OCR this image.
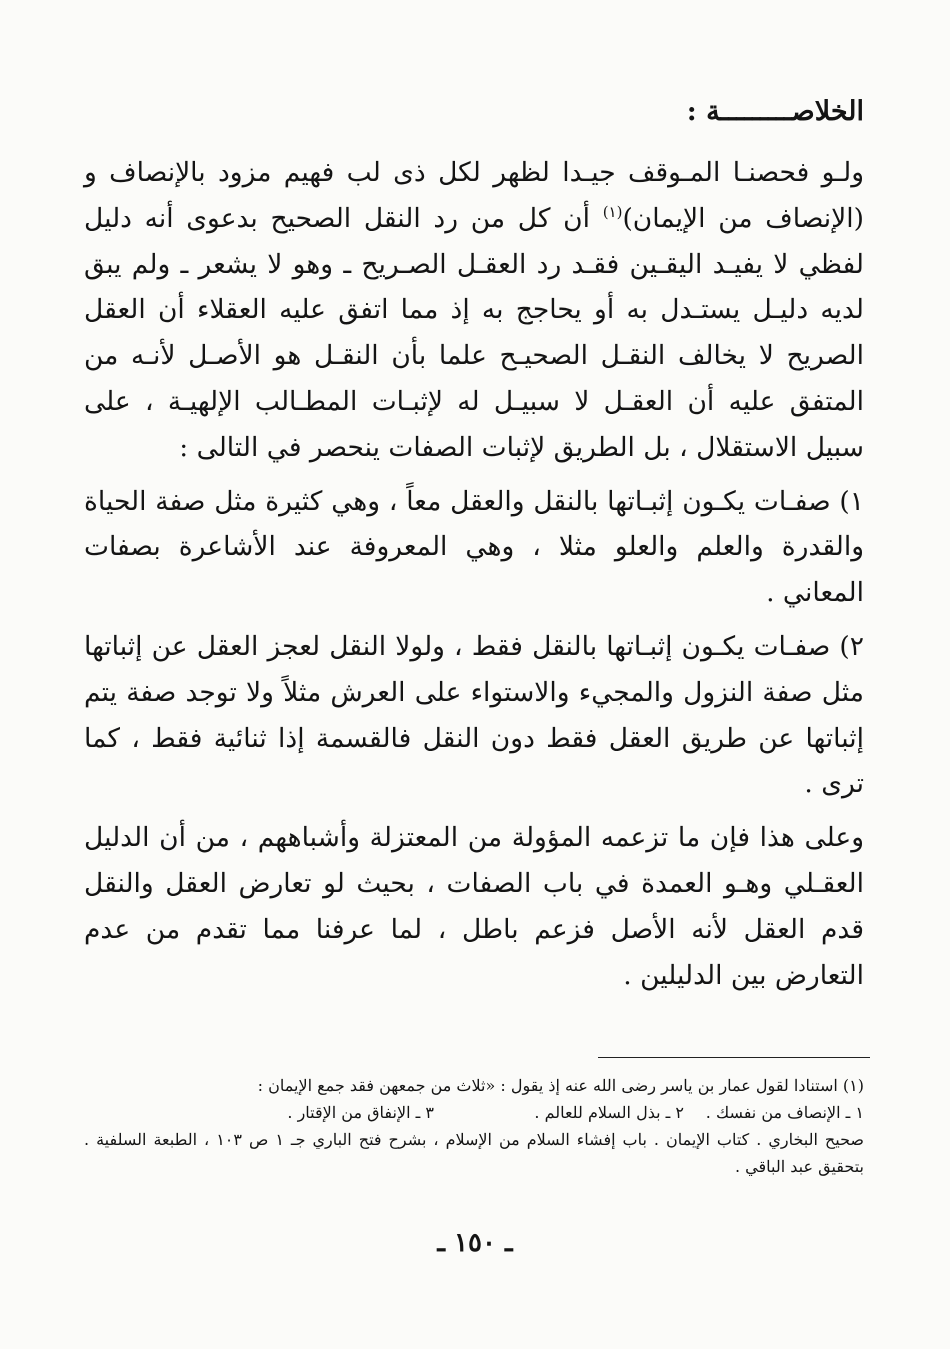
الخلاصـــــــــة :

ولـو فحصنـا المـوقف جيـدا لظهر لكل ذى لب فهيم مزود بالإنصاف و (الإنصاف من الإيمان)$^{(١)}$ أن كل من رد النقل الصحيح بدعوى أنه دليل لفظي لا يفيـد اليقـين فقـد رد العقـل الصـريح ـ وهو لا يشعر ـ ولم يبق لديه دليـل يستـدل به أو يحاجج به إذ مما اتفق عليه العقلاء أن العقل الصريح لا يخالف النقـل الصحيـح علما بأن النقـل هو الأصـل لأنـه من المتفق عليه أن العقـل لا سبيـل له لإثبـات المطـالب الإلهيـة ، على سبيل الاستقلال ، بل الطريق لإثبات الصفات ينحصر في التالى :

١) صفـات يكـون إثبـاتها بالنقل والعقل معاً ، وهي كثيرة مثل صفة الحياة والقدرة والعلم والعلو مثلا ، وهي المعروفة عند الأشاعرة بصفات المعاني .

٢) صفـات يكـون إثبـاتها بالنقل فقط ، ولولا النقل لعجز العقل عن إثباتها مثل صفة النزول والمجيء والاستواء على العرش مثلاً ولا توجد صفة يتم إثباتها عن طريق العقل فقط دون النقل فالقسمة إذا ثنائية فقط ، كما ترى .

وعلى هذا فإن ما تزعمه المؤولة من المعتزلة وأشباههم ، من أن الدليل العقـلي وهـو العمدة في باب الصفات ، بحيث لو تعارض العقل والنقل قدم العقل لأنه الأصل فزعم باطل ، لما عرفنا مما تقدم من عدم التعارض بين الدليلين .

(١) استنادا لقول عمار بن ياسر رضى الله عنه إذ يقول : «ثلاث من جمعهن فقد جمع الإيمان :

١ ـ الإنصاف من نفسك .
٢ ـ بذل السلام للعالم .
٣ ـ الإنفاق من الإقتار .

صحيح البخاري . كتاب الإيمان . باب إفشاء السلام من الإسلام ، بشرح فتح الباري جـ ١ ص ١٠٣ ، الطبعة السلفية . بتحقيق عبد الباقي .

ـ ١٥٠ ـ
